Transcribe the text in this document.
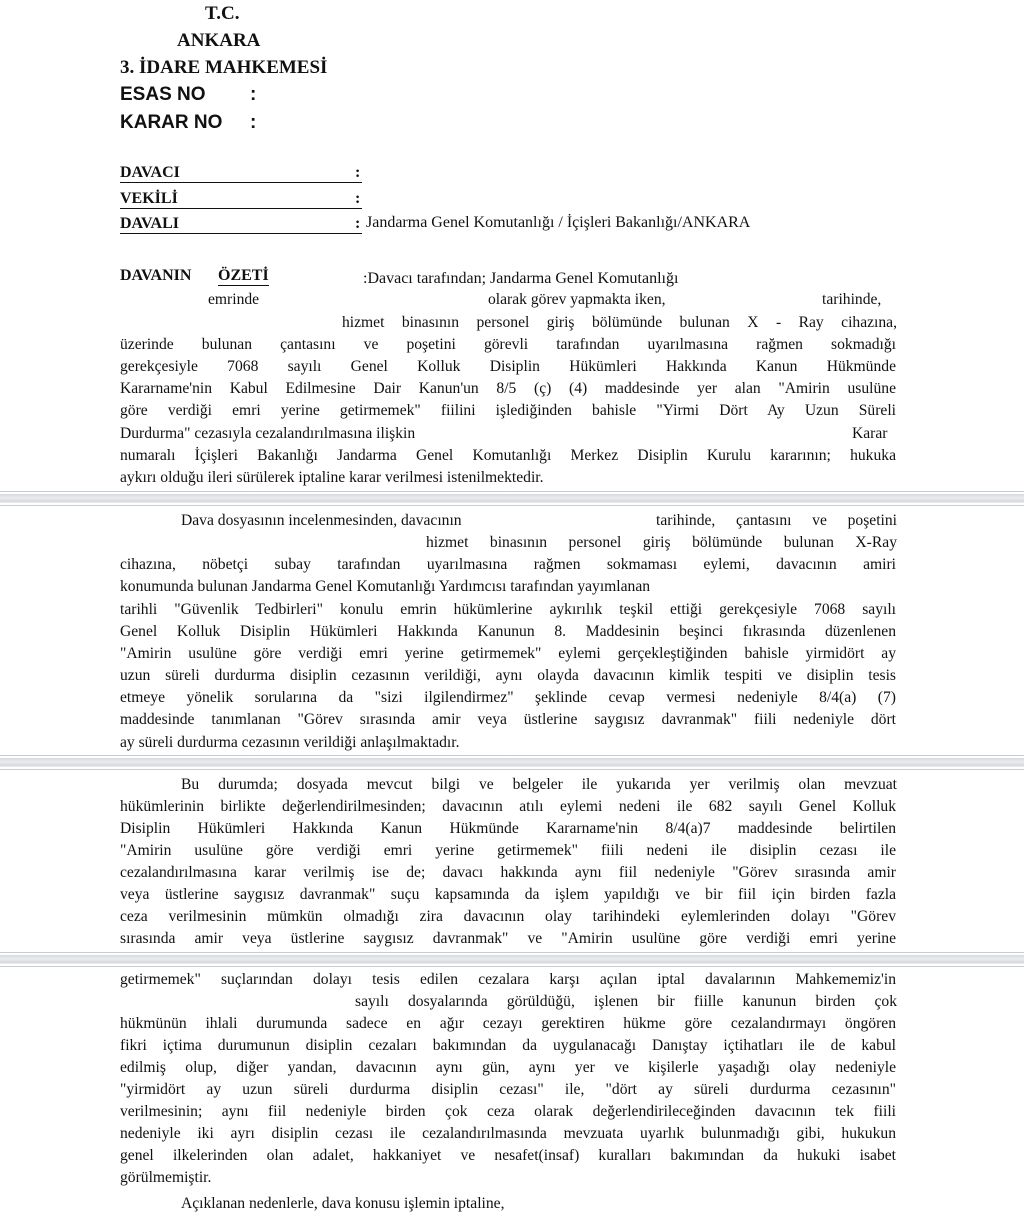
T.C.
ANKARA
3. İDARE MAHKEMESİ
ESAS NO :
KARAR NO :
DAVACI	:
VEKİLİ	:
DAVALI	: Jandarma Genel Komutanlığı / İçişleri Bakanlığı/ANKARA
DAVANIN ÖZETİ	:Davacı tarafından; Jandarma Genel Komutanlığı
emrinde	olarak görev yapmakta iken,	tarihinde,
hizmet binasının personel giriş bölümünde bulunan X - Ray cihazına,
üzerinde bulunan çantasını ve poşetini görevli tarafından uyarılmasına rağmen sokmadığı
gerekçesiyle 7068 sayılı Genel Kolluk Disiplin Hükümleri Hakkında Kanun Hükmünde
Kararname'nin Kabul Edilmesine Dair Kanun'un 8/5 (ç) (4) maddesinde yer alan "Amirin usulüne
göre verdiği emri yerine getirmemek" fiilini işlediğinden bahisle "Yirmi Dört Ay Uzun Süreli
Durdurma" cezasıyla cezalandırılmasına ilişkin	Karar
numaralı İçişleri Bakanlığı Jandarma Genel Komutanlığı Merkez Disiplin Kurulu kararının; hukuka
aykırı olduğu ileri sürülerek iptaline karar verilmesi istenilmektedir.
Dava dosyasının incelenmesinden, davacının	tarihinde, çantasını ve poşetini
hizmet binasının personel giriş bölümünde bulunan X-Ray
cihazına, nöbetçi subay tarafından uyarılmasına rağmen sokmaması eylemi, davacının amiri
konumunda bulunan Jandarma Genel Komutanlığı Yardımcısı tarafından yayımlanan
tarihli "Güvenlik Tedbirleri" konulu emrin hükümlerine aykırılık teşkil ettiği gerekçesiyle 7068 sayılı
Genel Kolluk Disiplin Hükümleri Hakkında Kanunun 8. Maddesinin beşinci fıkrasında düzenlenen
"Amirin usulüne göre verdiği emri yerine getirmemek" eylemi gerçekleştiğinden bahisle yirmidört ay
uzun süreli durdurma disiplin cezasının verildiği, aynı olayda davacının kimlik tespiti ve disiplin tesis
etmeye yönelik sorularına da "sizi ilgilendirmez" şeklinde cevap vermesi nedeniyle 8/4(a) (7)
maddesinde tanımlanan "Görev sırasında amir veya üstlerine saygısız davranmak" fiili nedeniyle dört
ay süreli durdurma cezasının verildiği anlaşılmaktadır.
Bu durumda; dosyada mevcut bilgi ve belgeler ile yukarıda yer verilmiş olan mevzuat
hükümlerinin birlikte değerlendirilmesinden; davacının atılı eylemi nedeni ile 682 sayılı Genel Kolluk
Disiplin Hükümleri Hakkında Kanun Hükmünde Kararname'nin 8/4(a)7 maddesinde belirtilen
"Amirin usulüne göre verdiği emri yerine getirmemek" fiili nedeni ile disiplin cezası ile
cezalandırılmasına karar verilmiş ise de; davacı hakkında aynı fiil nedeniyle "Görev sırasında amir
veya üstlerine saygısız davranmak" suçu kapsamında da işlem yapıldığı ve bir fiil için birden fazla
ceza verilmesinin mümkün olmadığı zira davacının olay tarihindeki eylemlerinden dolayı "Görev
sırasında amir veya üstlerine saygısız davranmak" ve "Amirin usulüne göre verdiği emri yerine
getirmemek" suçlarından dolayı tesis edilen cezalara karşı açılan iptal davalarının Mahkememiz'in
sayılı dosyalarında görüldüğü, işlenen bir fiille kanunun birden çok
hükmünün ihlali durumunda sadece en ağır cezayı gerektiren hükme göre cezalandırmayı öngören
fikri içtima durumunun disiplin cezaları bakımından da uygulanacağı Danıştay içtihatları ile de kabul
edilmiş olup, diğer yandan, davacının aynı gün, aynı yer ve kişilerle yaşadığı olay nedeniyle
"yirmidört ay uzun süreli durdurma disiplin cezası" ile, "dört ay süreli durdurma cezasının"
verilmesinin; aynı fiil nedeniyle birden çok ceza olarak değerlendirileceğinden davacının tek fiili
nedeniyle iki ayrı disiplin cezası ile cezalandırılmasında mevzuata uyarlık bulunmadığı gibi, hukukun
genel ilkelerinden olan adalet, hakkaniyet ve nesafet(insaf) kuralları bakımından da hukuki isabet
görülmemiştir.
Açıklanan nedenlerle, dava konusu işlemin iptaline,
